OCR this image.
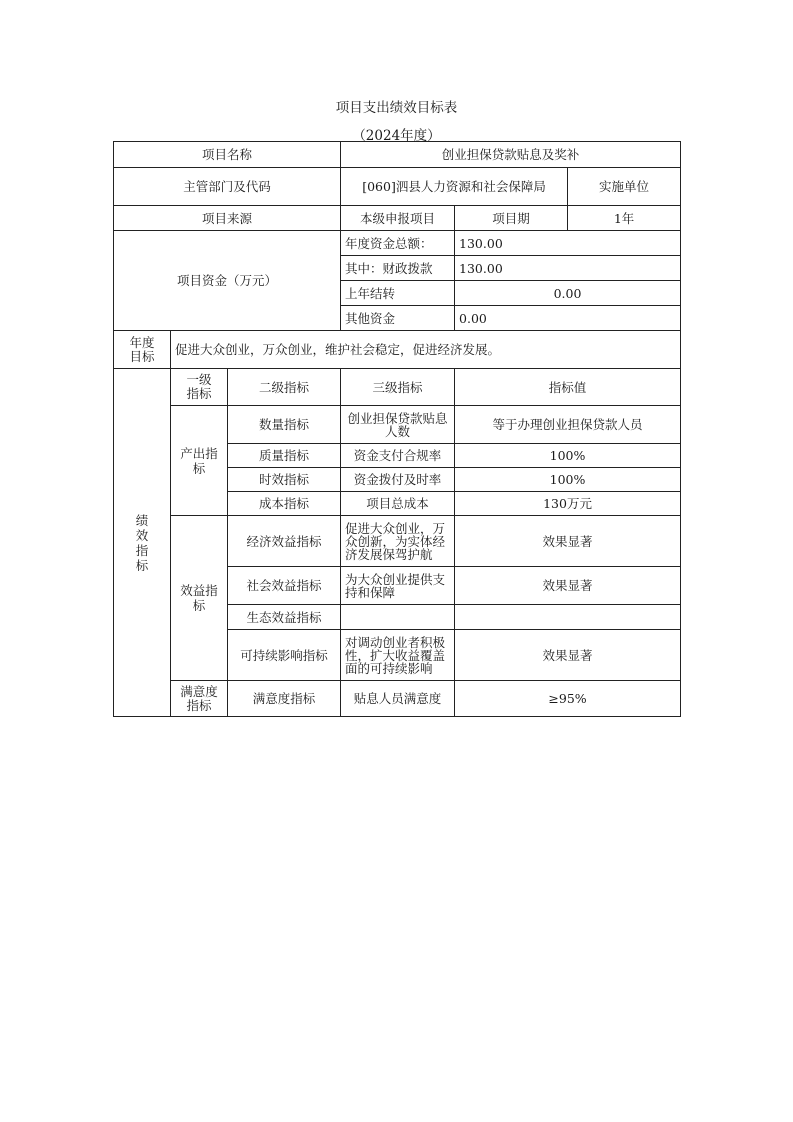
项目支出绩效目标表
（2024年度）
项目名称			创业担保贷款贴息及奖补		
主管部门及代码			[060]泗县人力资源和社会保障局		实施单位
项目来源			本级申报项目	项目期	1年
项目资金（万元）			年度资金总额：	130.00	
			其中：财政拨款	130.00	
			上年结转	0.00	
			其他资金	0.00	
年度目标	促进大众创业，万众创业，维护社会稳定，促进经济发展。				
绩效指标	一级指标	二级指标	三级指标	指标值	
	产出指标	数量指标	创业担保贷款贴息人数	等于办理创业担保贷款人员	
		质量指标	资金支付合规率	100%	
		时效指标	资金拨付及时率	100%	
		成本指标	项目总成本	130万元	
	效益指标	经济效益指标	促进大众创业，万众创新，为实体经济发展保驾护航	效果显著	
		社会效益指标	为大众创业提供支持和保障	效果显著	
		生态效益指标			
		可持续影响指标	对调动创业者积极性，扩大收益覆盖面的可持续影响	效果显著	
	满意度指标	满意度指标	贴息人员满意度	≥95%	
